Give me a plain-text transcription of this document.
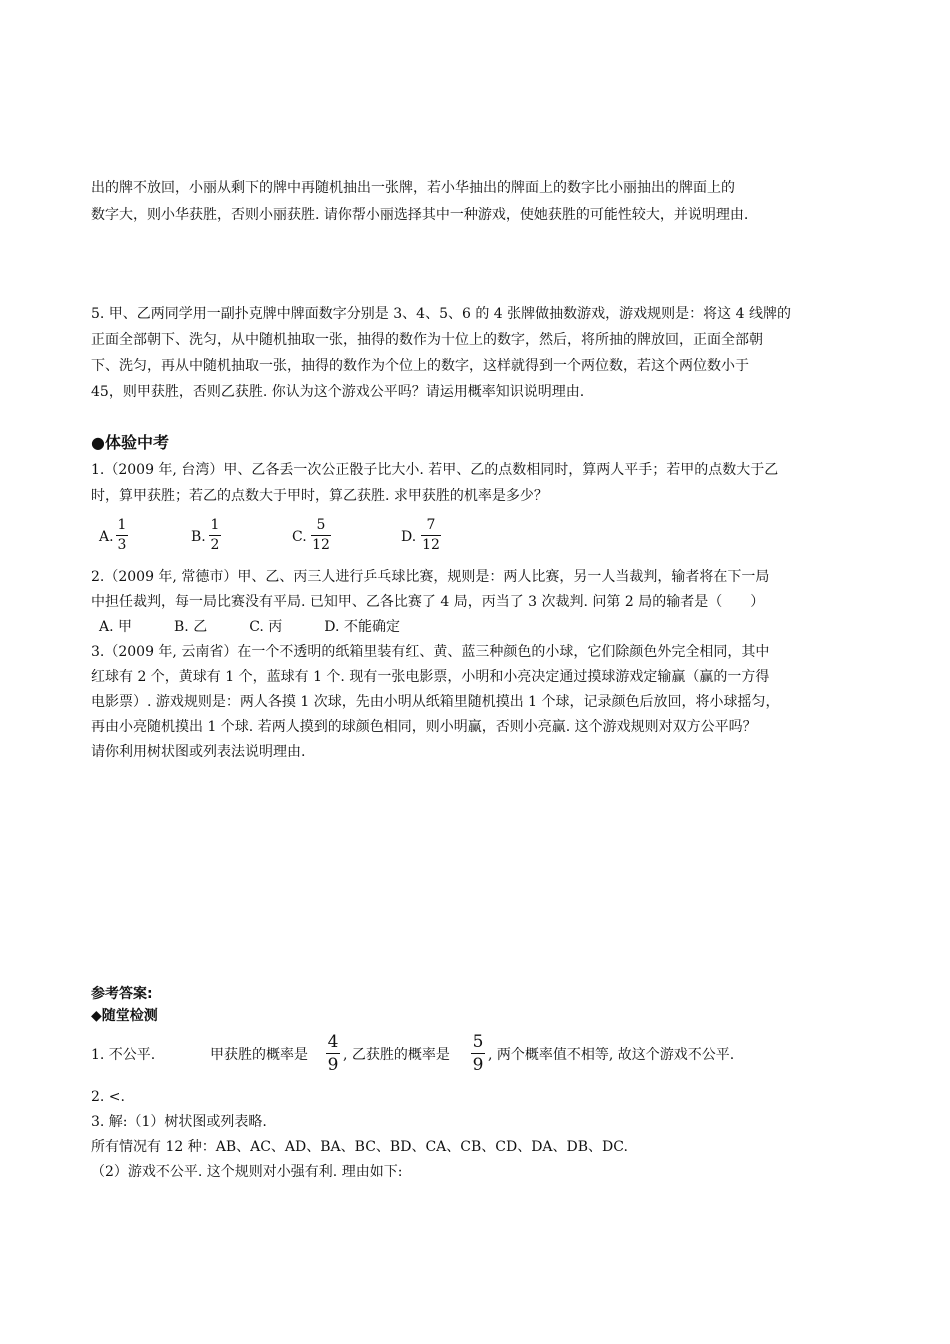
出的牌不放回，小丽从剩下的牌中再随机抽出一张牌，若小华抽出的牌面上的数字比小丽抽出的牌面上的
数字大，则小华获胜，否则小丽获胜. 请你帮小丽选择其中一种游戏，使她获胜的可能性较大，并说明理由.
5. 甲、乙两同学用一副扑克牌中牌面数字分别是 3、4、5、6 的 4 张牌做抽数游戏，游戏规则是：将这 4 线牌的
正面全部朝下、洗匀，从中随机抽取一张，抽得的数作为十位上的数字，然后，将所抽的牌放回，正面全部朝
下、洗匀，再从中随机抽取一张，抽得的数作为个位上的数字，这样就得到一个两位数，若这个两位数小于
45，则甲获胜，否则乙获胜. 你认为这个游戏公平吗？请运用概率知识说明理由.
●体验中考
1.（2009 年, 台湾）甲、乙各丢一次公正骰子比大小. 若甲、乙的点数相同时，算两人平手；若甲的点数大于乙
时，算甲获胜；若乙的点数大于甲时，算乙获胜. 求甲获胜的机率是多少？
A.
1
3	B.
1
2	C.
5
12	D.
7
12
2.（2009 年, 常德市）甲、乙、丙三人进行乒乓球比赛，规则是：两人比赛，另一人当裁判，输者将在下一局
中担任裁判，每一局比赛没有平局. 已知甲、乙各比赛了 4 局，丙当了 3 次裁判. 问第 2 局的输者是（　　）
A. 甲　　　B. 乙　　　C. 丙　　　D. 不能确定
3.（2009 年, 云南省）在一个不透明的纸箱里装有红、黄、蓝三种颜色的小球，它们除颜色外完全相同，其中
红球有 2 个，黄球有 1 个，蓝球有 1 个. 现有一张电影票，小明和小亮决定通过摸球游戏定输赢（赢的一方得
电影票）. 游戏规则是：两人各摸 1 次球，先由小明从纸箱里随机摸出 1 个球，记录颜色后放回，将小球摇匀，
再由小亮随机摸出 1 个球. 若两人摸到的球颜色相同，则小明赢，否则小亮赢. 这个游戏规则对双方公平吗？
请你利用树状图或列表法说明理由.
参考答案:
◆随堂检测
1. 不公平.	甲获胜的概率是
4
9 , 乙获胜的概率是
5
9 , 两个概率值不相等, 故这个游戏不公平.
2. <.
3. 解:（1）树状图或列表略.
所有情况有 12 种：AB、AC、AD、BA、BC、BD、CA、CB、CD、DA、DB、DC.
（2）游戏不公平. 这个规则对小强有利. 理由如下:
